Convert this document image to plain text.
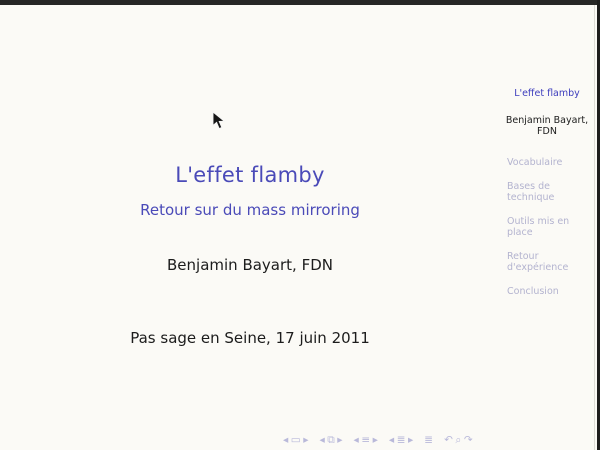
L'effet flamby
Retour sur du mass mirroring
Benjamin Bayart, FDN
Pas sage en Seine, 17 juin 2011
L'effet flamby
Benjamin Bayart, FDN
Vocabulaire
Bases de technique
Outils mis en place
Retour d'expérience
Conclusion
◂ ▭ ▸ ◂ ⧉ ▸ ◂ ≡ ▸ ◂ ≣ ▸ ≣ ↶ ⌕ ↷
